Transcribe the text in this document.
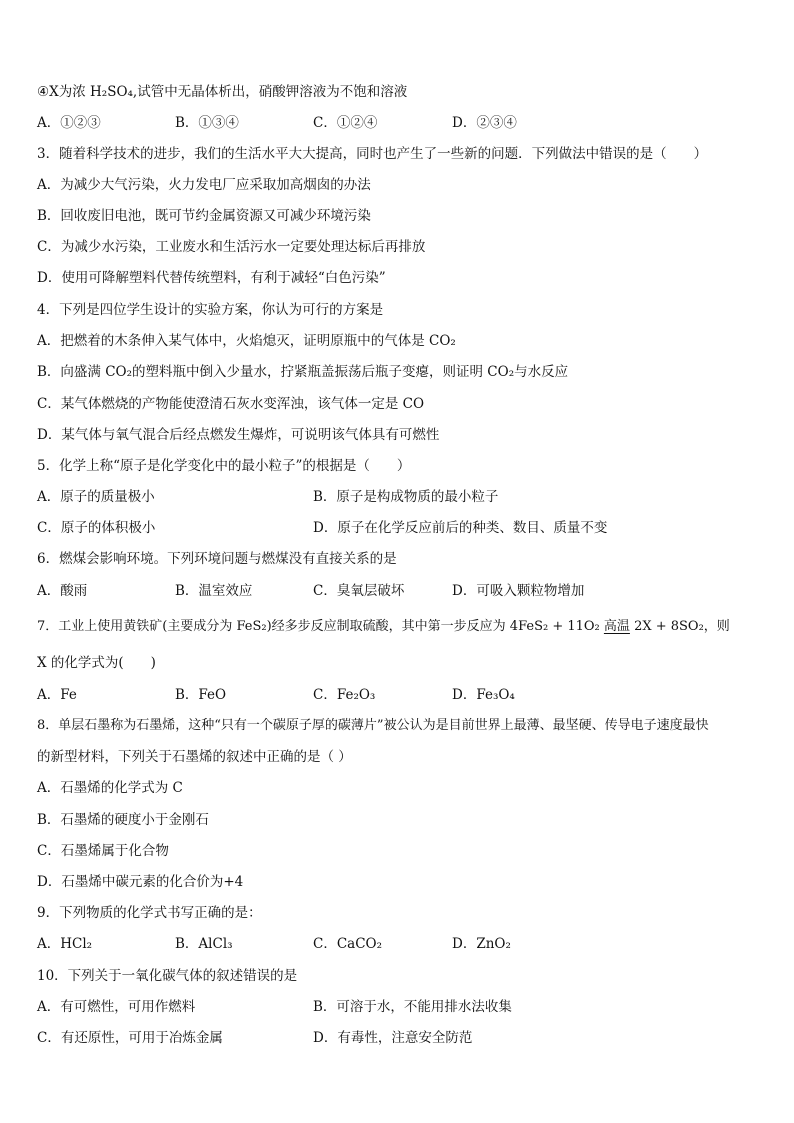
④X为浓 H₂SO₄,试管中无晶体析出，硝酸钾溶液为不饱和溶液
A．①②③	B．①③④	C．①②④	D．②③④
3．随着科学技术的进步，我们的生活水平大大提高，同时也产生了一些新的问题．下列做法中错误的是（　　）
A．为减少大气污染，火力发电厂应采取加高烟囱的办法
B．回收废旧电池，既可节约金属资源又可减少环境污染
C．为减少水污染，工业废水和生活污水一定要处理达标后再排放
D．使用可降解塑料代替传统塑料，有利于减轻“白色污染”
4．下列是四位学生设计的实验方案，你认为可行的方案是
A．把燃着的木条伸入某气体中，火焰熄灭，证明原瓶中的气体是 CO₂
B．向盛满 CO₂的塑料瓶中倒入少量水，拧紧瓶盖振荡后瓶子变瘪，则证明 CO₂与水反应
C．某气体燃烧的产物能使澄清石灰水变浑浊，该气体一定是 CO
D．某气体与氧气混合后经点燃发生爆炸，可说明该气体具有可燃性
5．化学上称“原子是化学变化中的最小粒子”的根据是（　　）
A．原子的质量极小	B．原子是构成物质的最小粒子
C．原子的体积极小	D．原子在化学反应前后的种类、数目、质量不变
6．燃煤会影响环境。下列环境问题与燃煤没有直接关系的是
A．酸雨	B．温室效应	C．臭氧层破坏	D．可吸入颗粒物增加
7．工业上使用黄铁矿(主要成分为 FeS₂)经多步反应制取硫酸，其中第一步反应为 4FeS₂ + 11O₂ 高温 2X + 8SO₂，则
X 的化学式为(　　)
A．Fe	B．FeO	C．Fe₂O₃	D．Fe₃O₄
8．单层石墨称为石墨烯，这种“只有一个碳原子厚的碳薄片”被公认为是目前世界上最薄、最坚硬、传导电子速度最快
的新型材料，下列关于石墨烯的叙述中正确的是（ ）
A．石墨烯的化学式为 C
B．石墨烯的硬度小于金刚石
C．石墨烯属于化合物
D．石墨烯中碳元素的化合价为+4
9．下列物质的化学式书写正确的是：
A．HCl₂	B．AlCl₃	C．CaCO₂	D．ZnO₂
10．下列关于一氧化碳气体的叙述错误的是
A．有可燃性，可用作燃料	B．可溶于水，不能用排水法收集
C．有还原性，可用于冶炼金属	D．有毒性，注意安全防范
